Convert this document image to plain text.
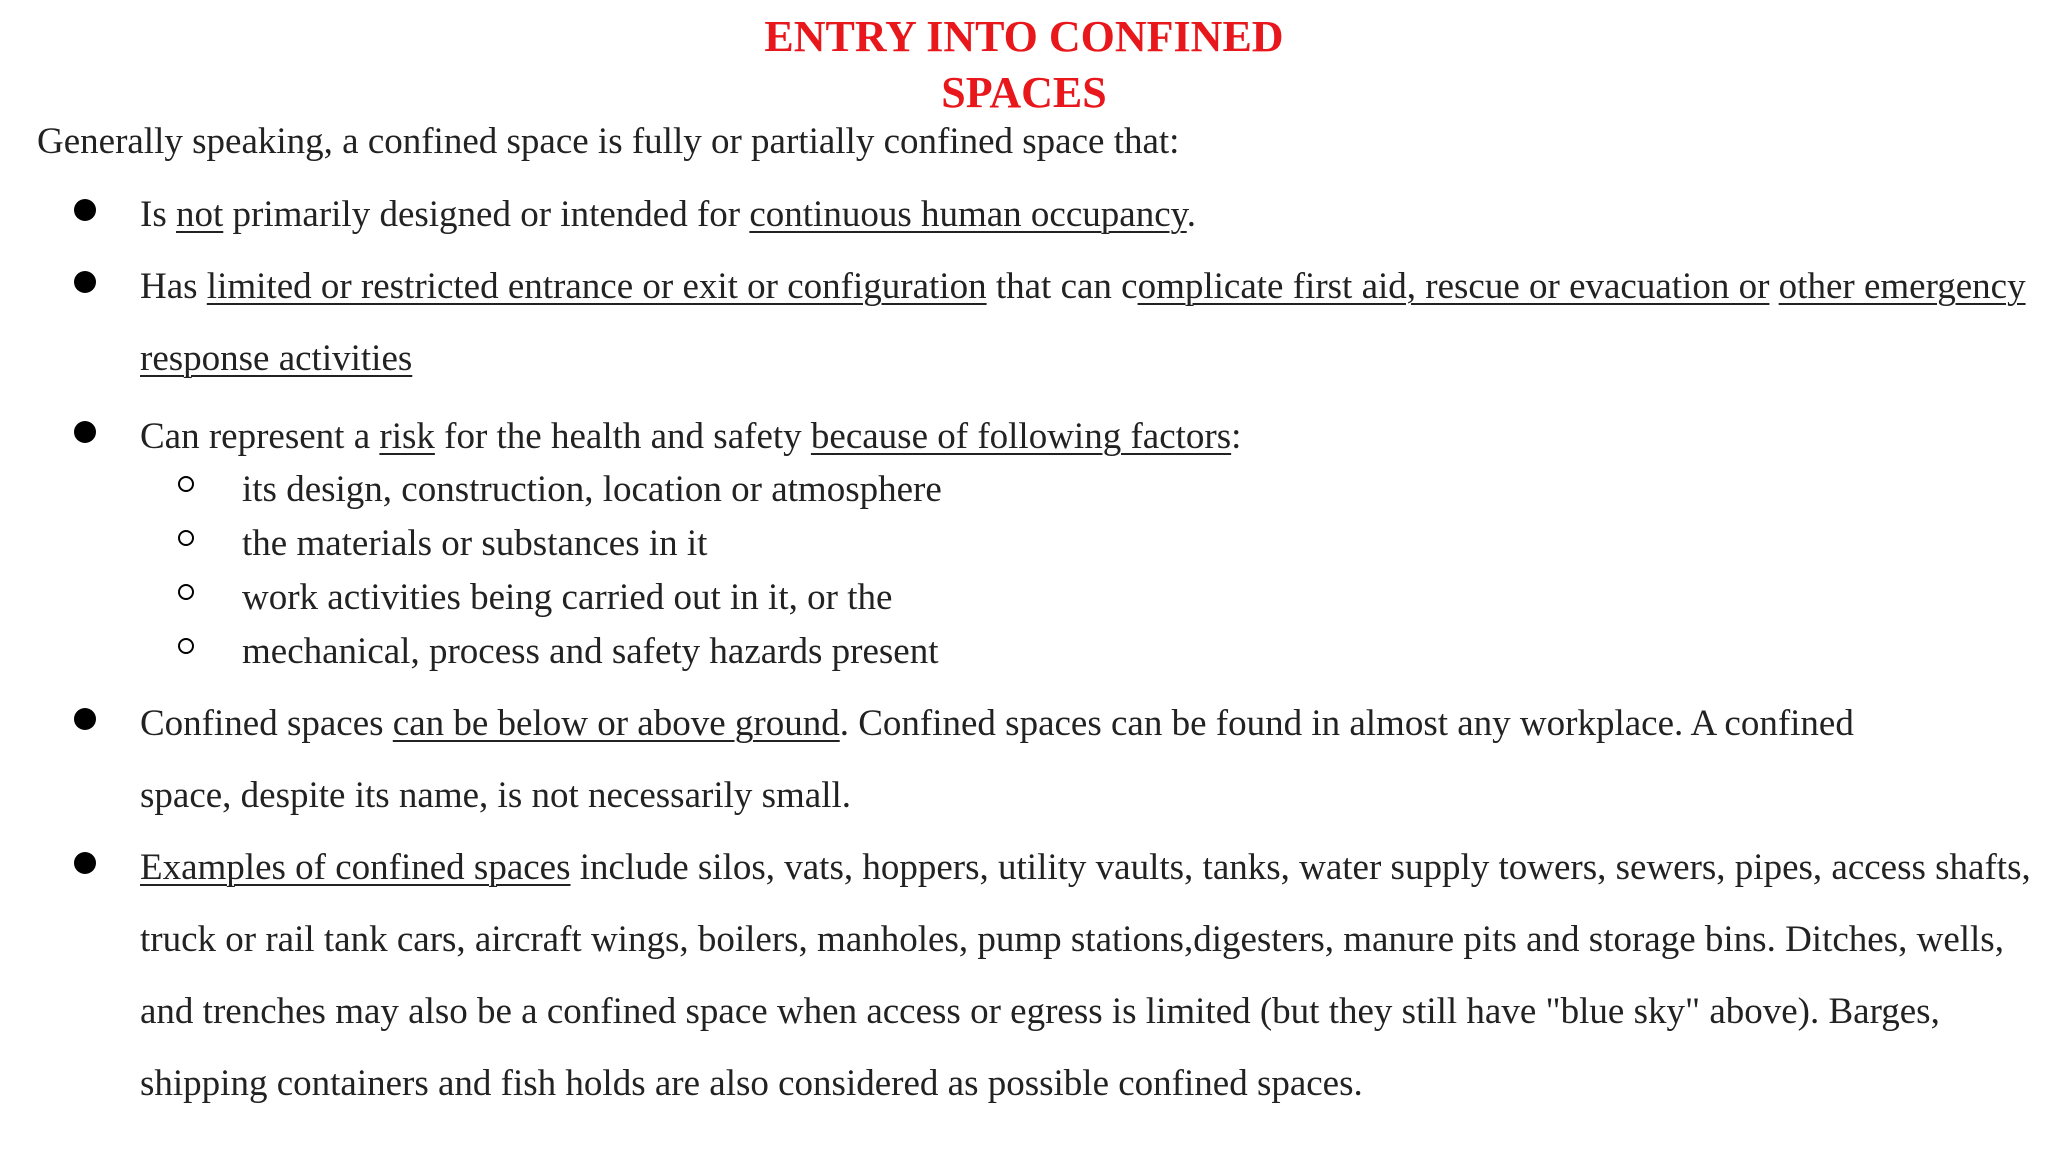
ENTRY INTO CONFINED
SPACES

Generally speaking, a confined space is fully or partially confined space that:

Is not primarily designed or intended for continuous human occupancy.

Has limited or restricted entrance or exit or configuration that can complicate first aid, rescue or evacuation or other emergency response activities

Can represent a risk for the health and safety because of following factors:

its design, construction, location or atmosphere

the materials or substances in it

work activities being carried out in it, or the

mechanical, process and safety hazards present

Confined spaces can be below or above ground. Confined spaces can be found in almost any workplace. A confined space, despite its name, is not necessarily small.

Examples of confined spaces include silos, vats, hoppers, utility vaults, tanks, water supply towers, sewers, pipes, access shafts, truck or rail tank cars, aircraft wings, boilers, manholes, pump stations,digesters, manure pits and storage bins. Ditches, wells, and trenches may also be a confined space when access or egress is limited (but they still have "blue sky" above). Barges, shipping containers and fish holds are also considered as possible confined spaces.
